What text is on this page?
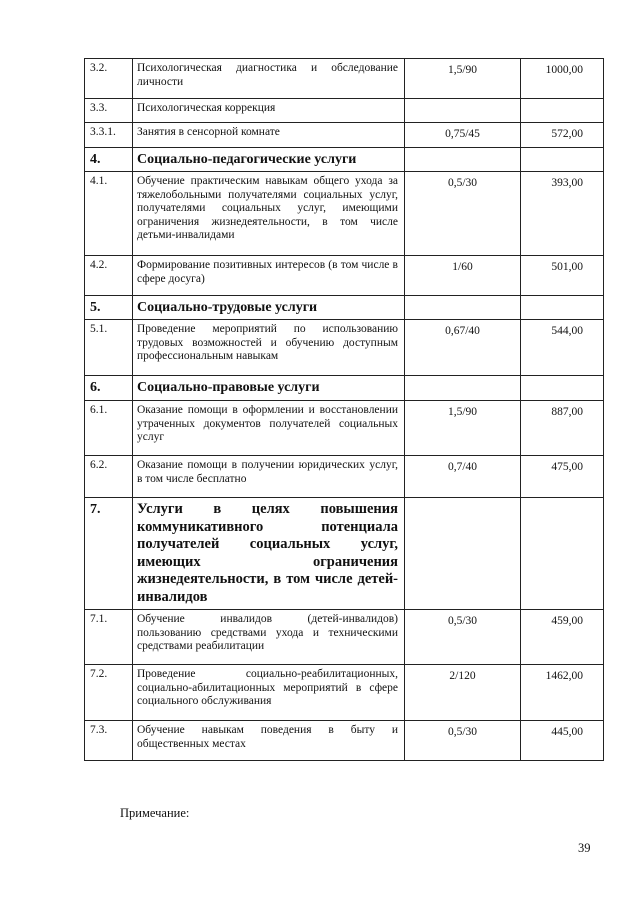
3.2.	Психологическая диагностика и обследование личности	1,5/90	1000,00
3.3.	Психологическая коррекция		
3.3.1.	Занятия в сенсорной комнате	0,75/45	572,00
4.	Социально-педагогические услуги		
4.1.	Обучение практическим навыкам общего ухода за тяжелобольными получателями социальных услуг, получателями социальных услуг, имеющими ограничения жизнедеятельности, в том числе детьми-инвалидами	0,5/30	393,00
4.2.	Формирование позитивных интересов (в том числе в сфере досуга)	1/60	501,00
5.	Социально-трудовые услуги		
5.1.	Проведение мероприятий по использованию трудовых возможностей и обучению доступным профессиональным навыкам	0,67/40	544,00
6.	Социально-правовые услуги		
6.1.	Оказание помощи в оформлении и восстановлении утраченных документов получателей социальных услуг	1,5/90	887,00
6.2.	Оказание помощи в получении юридических услуг, в том числе бесплатно	0,7/40	475,00
7.	Услуги в целях повышения коммуникативного потенциала получателей социальных услуг, имеющих ограничения жизнедеятельности, в том числе детей-инвалидов		
7.1.	Обучение инвалидов (детей-инвалидов) пользованию средствами ухода и техническими средствами реабилитации	0,5/30	459,00
7.2.	Проведение социально-реабилитационных, социально-абилитационных мероприятий в сфере социального обслуживания	2/120	1462,00
7.3.	Обучение навыкам поведения в быту и общественных местах	0,5/30	445,00
Примечание:
39
